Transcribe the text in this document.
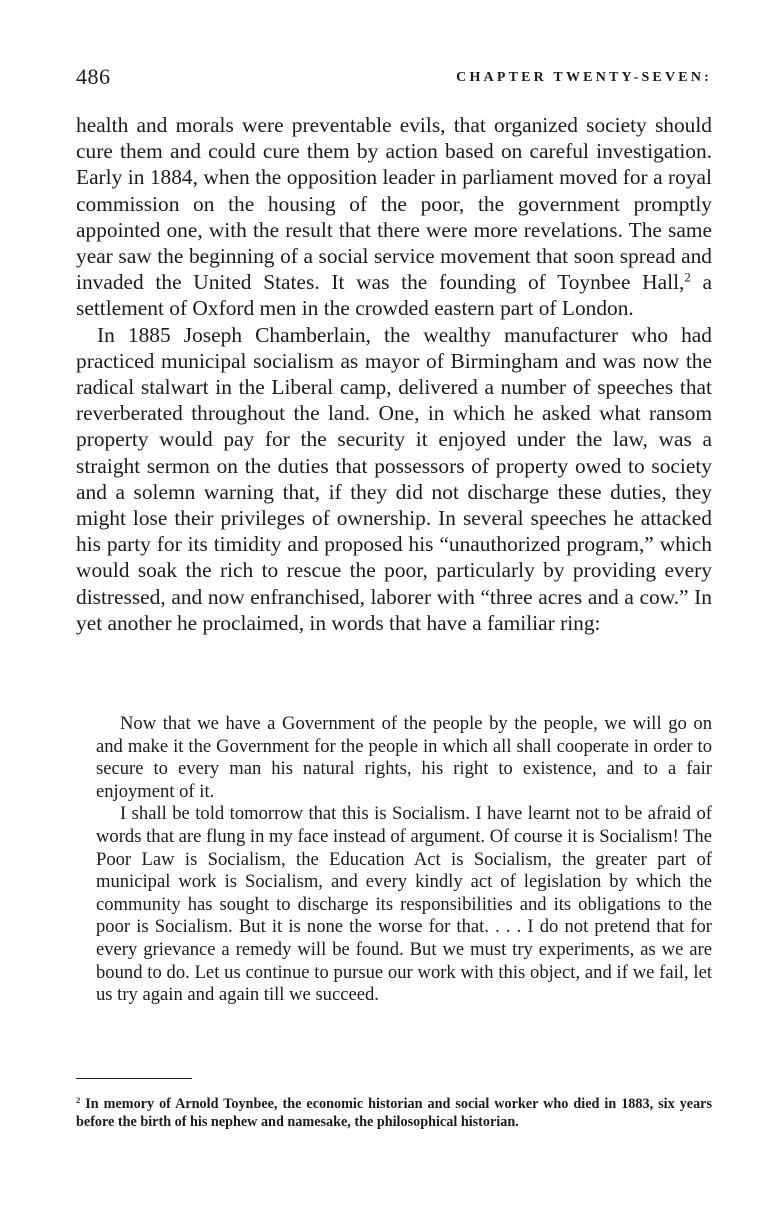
486	CHAPTER TWENTY-SEVEN:

health and morals were preventable evils, that organized society should cure them and could cure them by action based on careful investigation. Early in 1884, when the opposition leader in parliament moved for a royal commission on the housing of the poor, the government promptly appointed one, with the result that there were more revelations. The same year saw the beginning of a social service movement that soon spread and invaded the United States. It was the founding of Toynbee Hall,$^2$ a settlement of Oxford men in the crowded eastern part of London.

In 1885 Joseph Chamberlain, the wealthy manufacturer who had practiced municipal socialism as mayor of Birmingham and was now the radical stalwart in the Liberal camp, delivered a number of speeches that reverberated throughout the land. One, in which he asked what ransom property would pay for the security it enjoyed under the law, was a straight sermon on the duties that possessors of property owed to society and a solemn warning that, if they did not discharge these duties, they might lose their privileges of ownership. In several speeches he attacked his party for its timidity and proposed his “unauthorized program,” which would soak the rich to rescue the poor, particularly by providing every distressed, and now enfranchised, laborer with “three acres and a cow.” In yet another he proclaimed, in words that have a familiar ring:

Now that we have a Government of the people by the people, we will go on and make it the Government for the people in which all shall cooperate in order to secure to every man his natural rights, his right to existence, and to a fair enjoyment of it.

I shall be told tomorrow that this is Socialism. I have learnt not to be afraid of words that are flung in my face instead of argument. Of course it is Socialism! The Poor Law is Socialism, the Education Act is Socialism, the greater part of municipal work is Socialism, and every kindly act of legislation by which the community has sought to discharge its responsibilities and its obligations to the poor is Socialism. But it is none the worse for that. . . . I do not pretend that for every grievance a remedy will be found. But we must try experiments, as we are bound to do. Let us continue to pursue our work with this object, and if we fail, let us try again and again till we succeed.

$^2$ In memory of Arnold Toynbee, the economic historian and social worker who died in 1883, six years before the birth of his nephew and namesake, the philosophical historian.
